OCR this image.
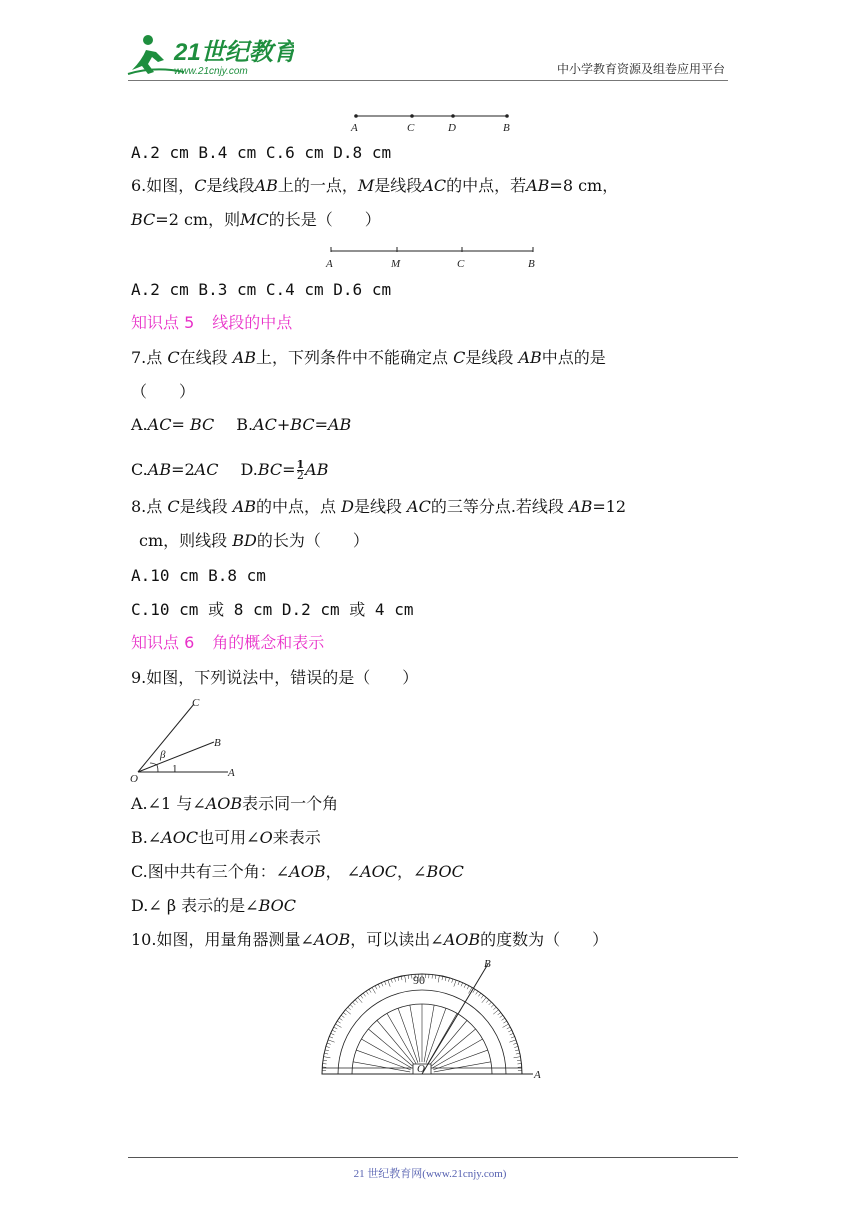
21世纪教育
www.21cnjy.com	中小学教育资源及组卷应用平台
A	C	D	B
A.2 cm B.4 cm C.6 cm D.8 cm
6.如图，C是线段AB上的一点，M是线段AC的中点，若AB=8 cm，
BC=2 cm，则MC的长是（　　）
A	M	C	B
A.2 cm B.3 cm C.4 cm D.6 cm
知识点 5 线段的中点
7.点 C在线段 AB上，下列条件中不能确定点 C是线段 AB中点的是
（　　）
A.AC= BC B.AC+BC=AB
C.AB=2AC $D.BC= \frac{1}{2}$ AB
8.点 C是线段 AB的中点，点 D是线段 AC的三等分点.若线段 AB=12
cm，则线段 BD的长为（　　）
A.10 cm B.8 cm
C.10 cm 或 8 cm D.2 cm 或 4 cm
知识点 6 角的概念和表示
9.如图，下列说法中，错误的是（　　）
C
B
β
1
O	A
A.∠1 与∠AOB表示同一个角
B.∠AOC也可用∠O来表示
C.图中共有三个角：∠AOB， ∠AOC，∠BOC
D.∠ β 表示的是∠BOC
10.如图，用量角器测量∠AOB，可以读出∠AOB的度数为（　　）
90
B
O	A
21 世纪教育网(www.21cnjy.com)
